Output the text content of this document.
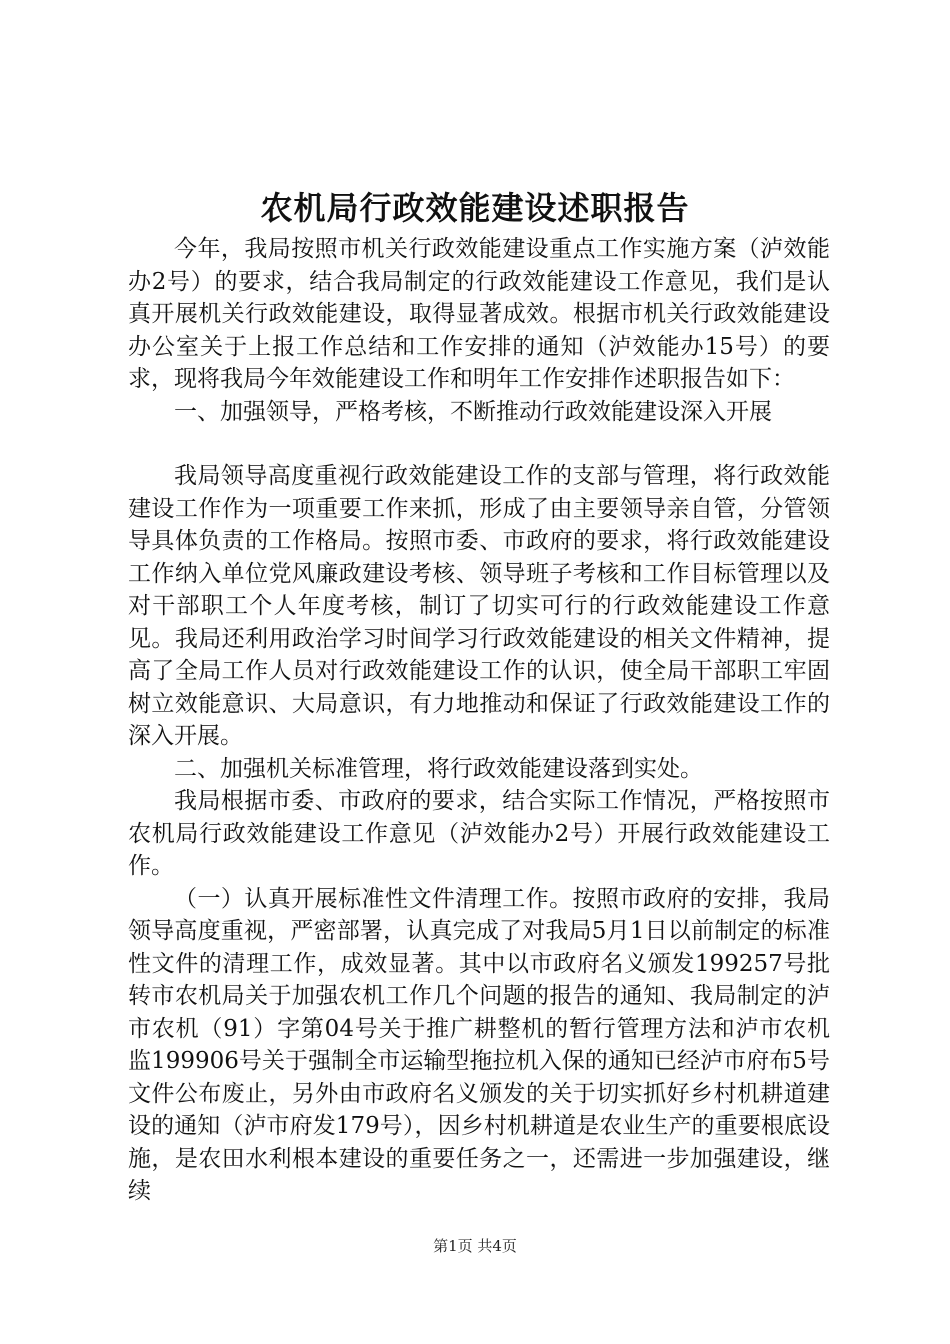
农机局行政效能建设述职报告

今年，我局按照市机关行政效能建设重点工作实施方案（泸效能办2号）的要求，结合我局制定的行政效能建设工作意见，我们是认真开展机关行政效能建设，取得显著成效。根据市机关行政效能建设办公室关于上报工作总结和工作安排的通知（泸效能办15号）的要求，现将我局今年效能建设工作和明年工作安排作述职报告如下：

一、加强领导，严格考核，不断推动行政效能建设深入开展

我局领导高度重视行政效能建设工作的支部与管理，将行政效能建设工作作为一项重要工作来抓，形成了由主要领导亲自管，分管领导具体负责的工作格局。按照市委、市政府的要求，将行政效能建设工作纳入单位党风廉政建设考核、领导班子考核和工作目标管理以及对干部职工个人年度考核，制订了切实可行的行政效能建设工作意见。我局还利用政治学习时间学习行政效能建设的相关文件精神，提高了全局工作人员对行政效能建设工作的认识，使全局干部职工牢固树立效能意识、大局意识，有力地推动和保证了行政效能建设工作的深入开展。

二、加强机关标准管理，将行政效能建设落到实处。

我局根据市委、市政府的要求，结合实际工作情况，严格按照市农机局行政效能建设工作意见（泸效能办2号）开展行政效能建设工作。

（一）认真开展标准性文件清理工作。按照市政府的安排，我局领导高度重视，严密部署，认真完成了对我局5月1日以前制定的标准性文件的清理工作，成效显著。其中以市政府名义颁发199257号批转市农机局关于加强农机工作几个问题的报告的通知、我局制定的泸市农机（91）字第04号关于推广耕整机的暂行管理方法和泸市农机监199906号关于强制全市运输型拖拉机入保的通知已经泸市府布5号文件公布废止，另外由市政府名义颁发的关于切实抓好乡村机耕道建设的通知（泸市府发179号），因乡村机耕道是农业生产的重要根底设施，是农田水利根本建设的重要任务之一，还需进一步加强建设，继续

第1页 共4页
